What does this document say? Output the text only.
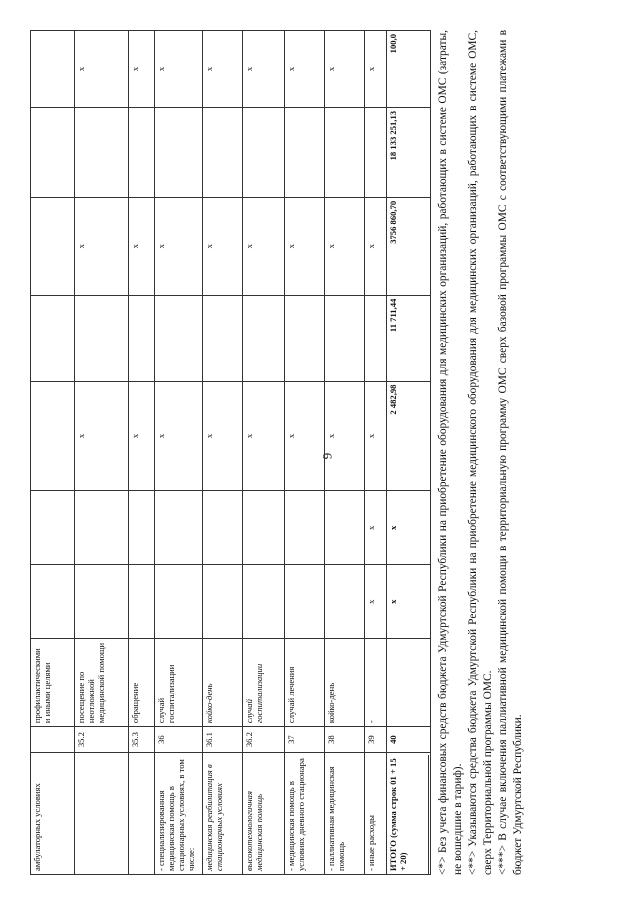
6
амбулаторных условиях		профилактическими и иными целями							
	35.2	посещение по неотложной медицинской помощи			х		х		х
	35.3	обращение			х		х		х
- специализированная медицинская помощь в стационарных условиях, в том числе:	36	случай госпитализации			х		х		х
медицинская реабилитация в стационарных условиях	36.1	койко-день			х		х		х
высокотехнологичная медицинская помощь	36.2	случай госпитализации			х		х		х
- медицинская помощь в условиях дневного стационара	37	случай лечения			х		х		х
- паллиативная медицинская помощь	38	койко-день			х		х		х
- иные расходы	39	-	х	х	х		х		х
ИТОГО (сумма строк 01 + 15 + 20)	40		х	х	2 482,98	11 711,44	3756 860,70	18 133 251,13	100,0	<*> Без учета финансовых средств бюджета Удмуртской Республики на приобретение оборудования для медицинских организаций, работающих в системе ОМС (затраты, не вошедшие в тариф). <**> Указываются средства бюджета Удмуртской Республики на приобретение медицинского оборудования для медицинских организаций, работающих в системе ОМС, сверх Территориальной программы ОМС. <***> В случае включения паллиативной медицинской помощи в территориальную программу ОМС сверх базовой программы ОМС с соответствующими платежами в бюджет Удмуртской Республики.
